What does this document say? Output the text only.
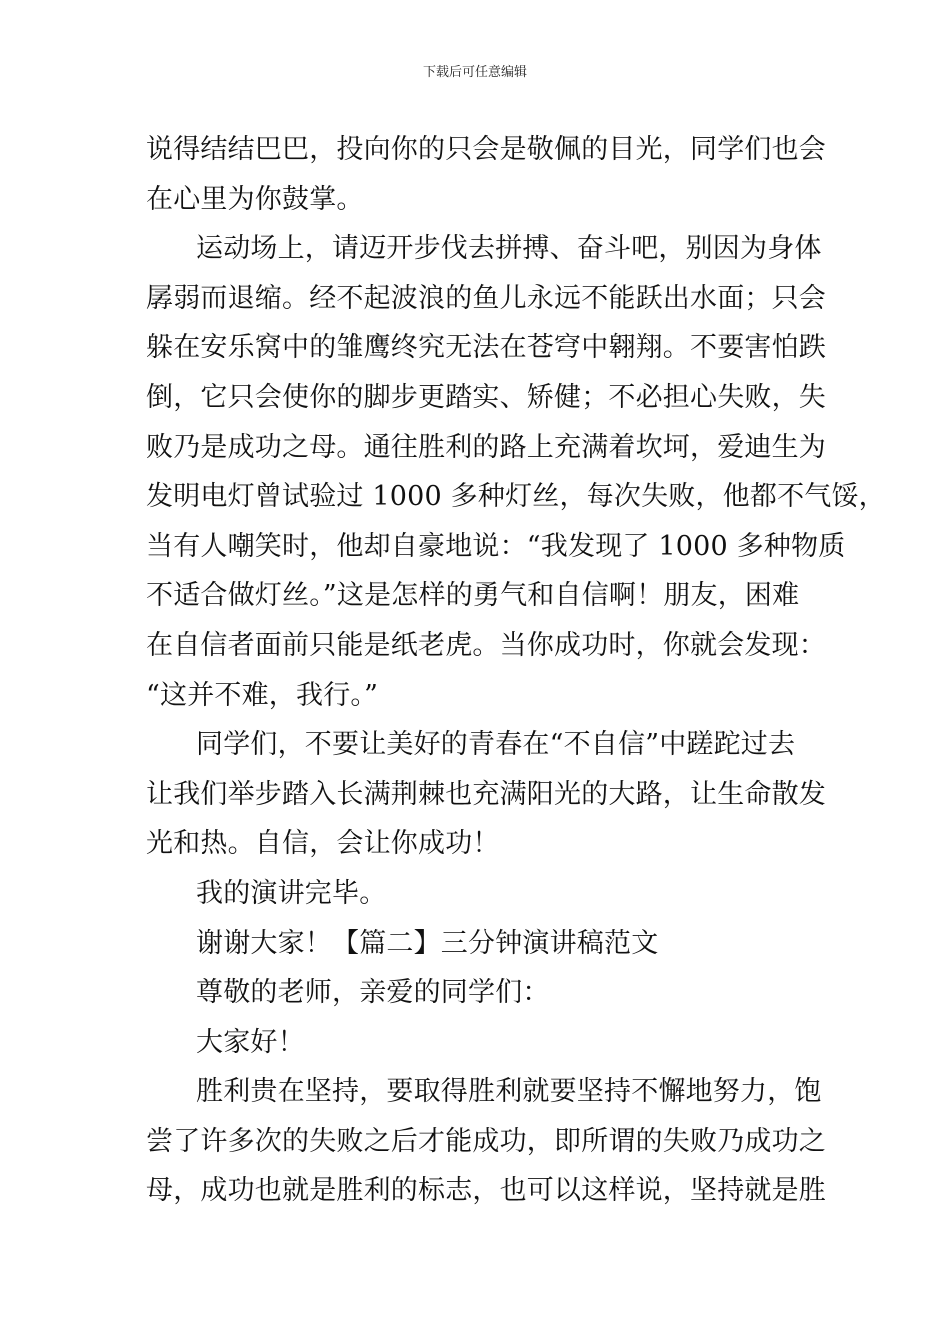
下载后可任意编辑
说得结结巴巴，投向你的只会是敬佩的目光，同学们也会
在心里为你鼓掌。
运动场上，请迈开步伐去拼搏、奋斗吧，别因为身体
孱弱而退缩。经不起波浪的鱼儿永远不能跃出水面；只会
躲在安乐窝中的雏鹰终究无法在苍穹中翱翔。不要害怕跌
倒，它只会使你的脚步更踏实、矫健；不必担心失败，失
败乃是成功之母。通往胜利的路上充满着坎坷，爱迪生为
发明电灯曾试验过 1000 多种灯丝，每次失败，他都不气馁，
当有人嘲笑时，他却自豪地说：“我发现了 1000 多种物质
不适合做灯丝。”这是怎样的勇气和自信啊！朋友，困难
在自信者面前只能是纸老虎。当你成功时，你就会发现：
“这并不难，我行。”
同学们，不要让美好的青春在“不自信”中蹉跎过去
让我们举步踏入长满荆棘也充满阳光的大路，让生命散发
光和热。自信，会让你成功！
我的演讲完毕。
谢谢大家！【篇二】三分钟演讲稿范文
尊敬的老师，亲爱的同学们：
大家好！
胜利贵在坚持，要取得胜利就要坚持不懈地努力，饱
尝了许多次的失败之后才能成功，即所谓的失败乃成功之
母，成功也就是胜利的标志，也可以这样说，坚持就是胜
